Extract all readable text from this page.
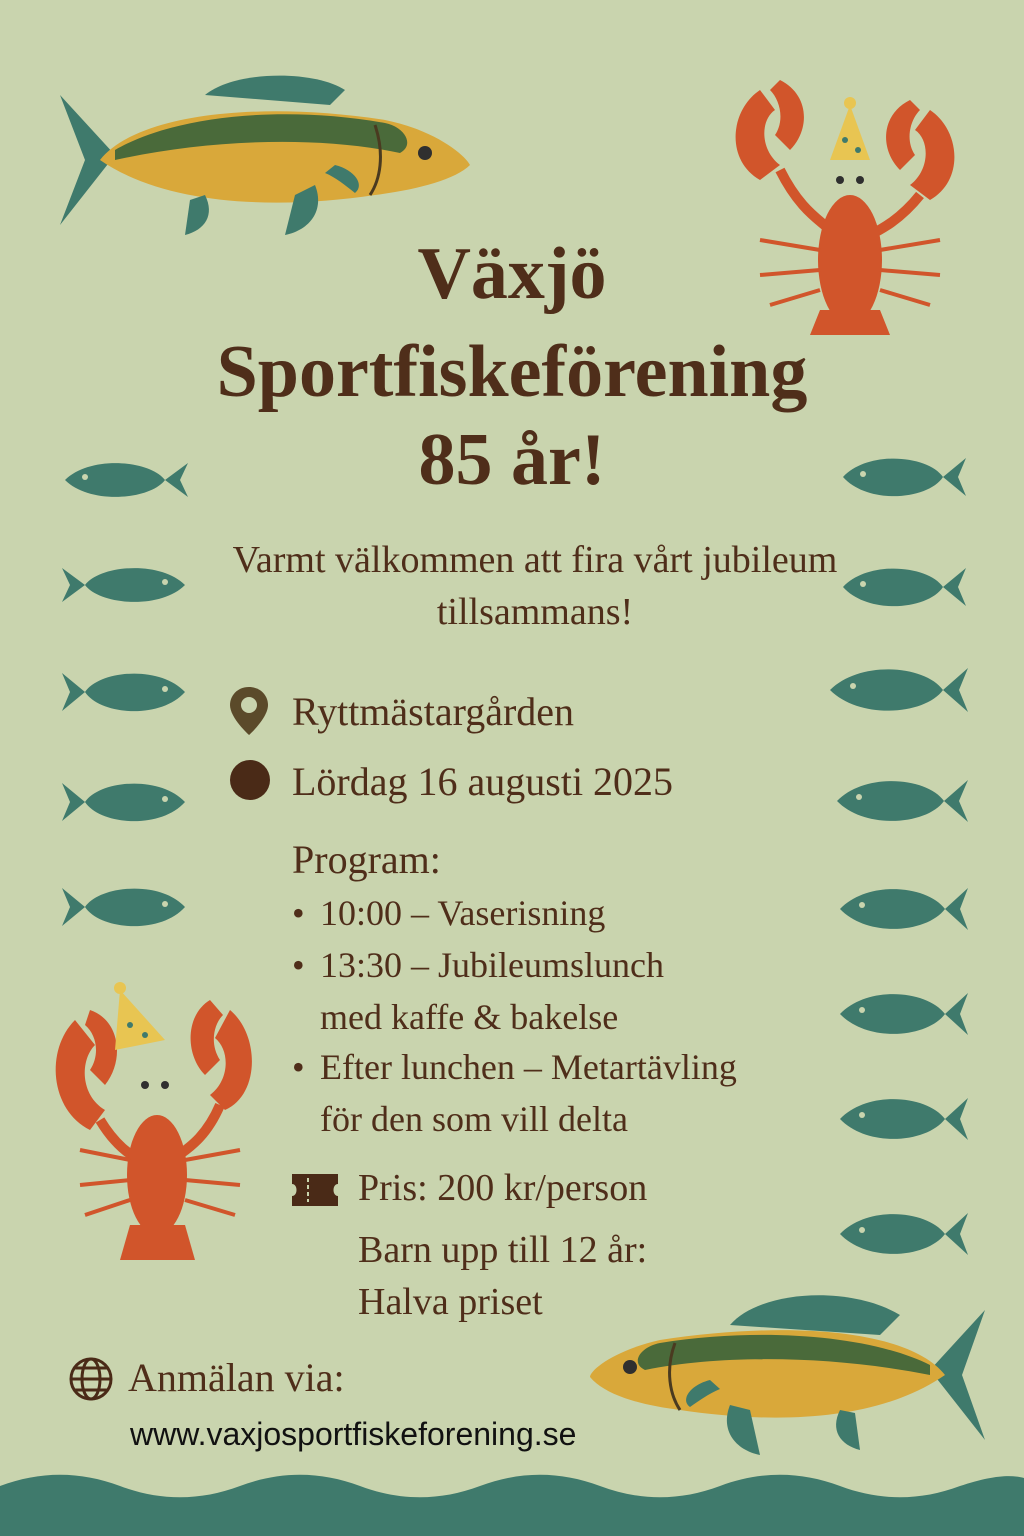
Växjö
Sportfiskeförening
85 år!
Varmt välkommen att fira vårt jubileum tillsammans!
Ryttmästargården
Lördag 16 augusti 2025
Program:
• 10:00 – Vaserisning
• 13:30 – Jubileumslunch
med kaffe & bakelse
• Efter lunchen – Metartävling
för den som vill delta
Pris: 200 kr/person
Barn upp till 12 år:
Halva priset
Anmälan via:
www.vaxjosportfiskeforening.se
